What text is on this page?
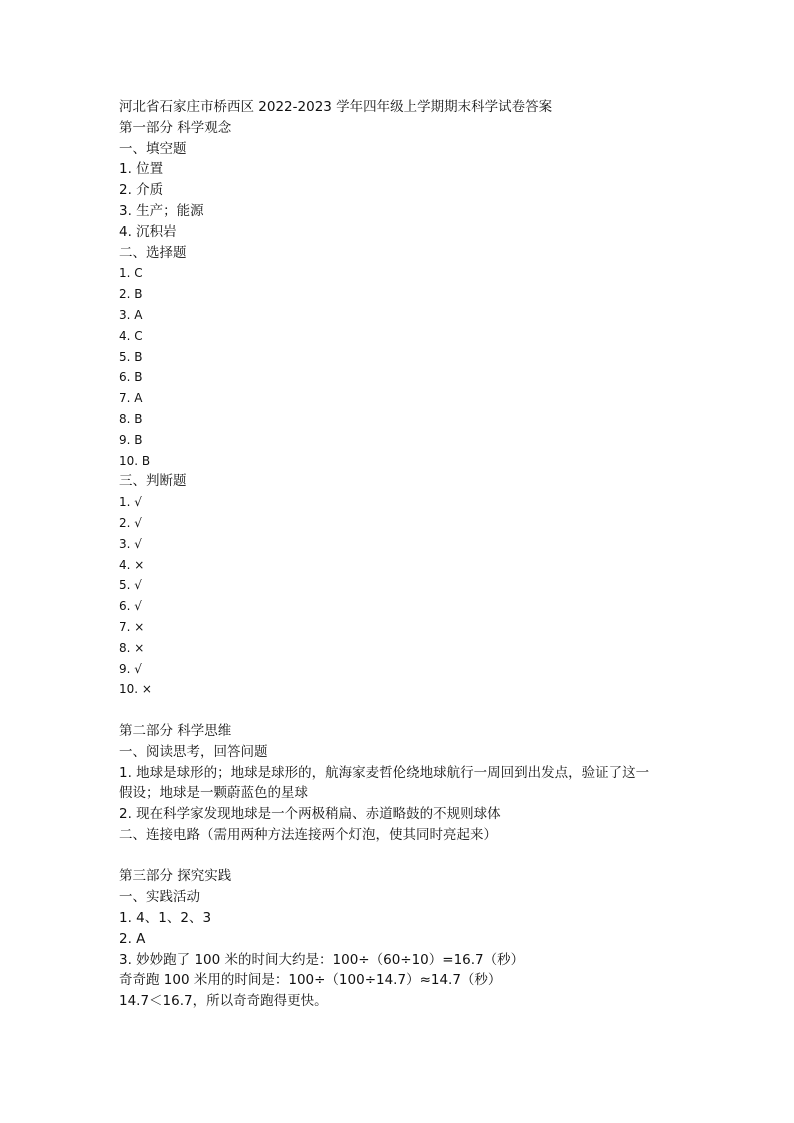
河北省石家庄市桥西区 2022-2023 学年四年级上学期期末科学试卷答案
第一部分 科学观念
一、填空题
1. 位置
2. 介质
3. 生产；能源
4. 沉积岩
二、选择题
1. C
2. B
3. A
4. C
5. B
6. B
7. A
8. B
9. B
10. B
三、判断题
1. √
2. √
3. √
4. ×
5. √
6. √
7. ×
8. ×
9. √
10. ×
第二部分 科学思维
一、阅读思考，回答问题
1. 地球是球形的；地球是球形的，航海家麦哲伦绕地球航行一周回到出发点，验证了这一
假设；地球是一颗蔚蓝色的星球
2. 现在科学家发现地球是一个两极稍扁、赤道略鼓的不规则球体
二、连接电路（需用两种方法连接两个灯泡，使其同时亮起来）
第三部分 探究实践
一、实践活动
1. 4、1、2、3
2. A
3. 妙妙跑了 100 米的时间大约是：100÷（60÷10）=16.7（秒）
奇奇跑 100 米用的时间是：100÷（100÷14.7）≈14.7（秒）
14.7＜16.7，所以奇奇跑得更快。
